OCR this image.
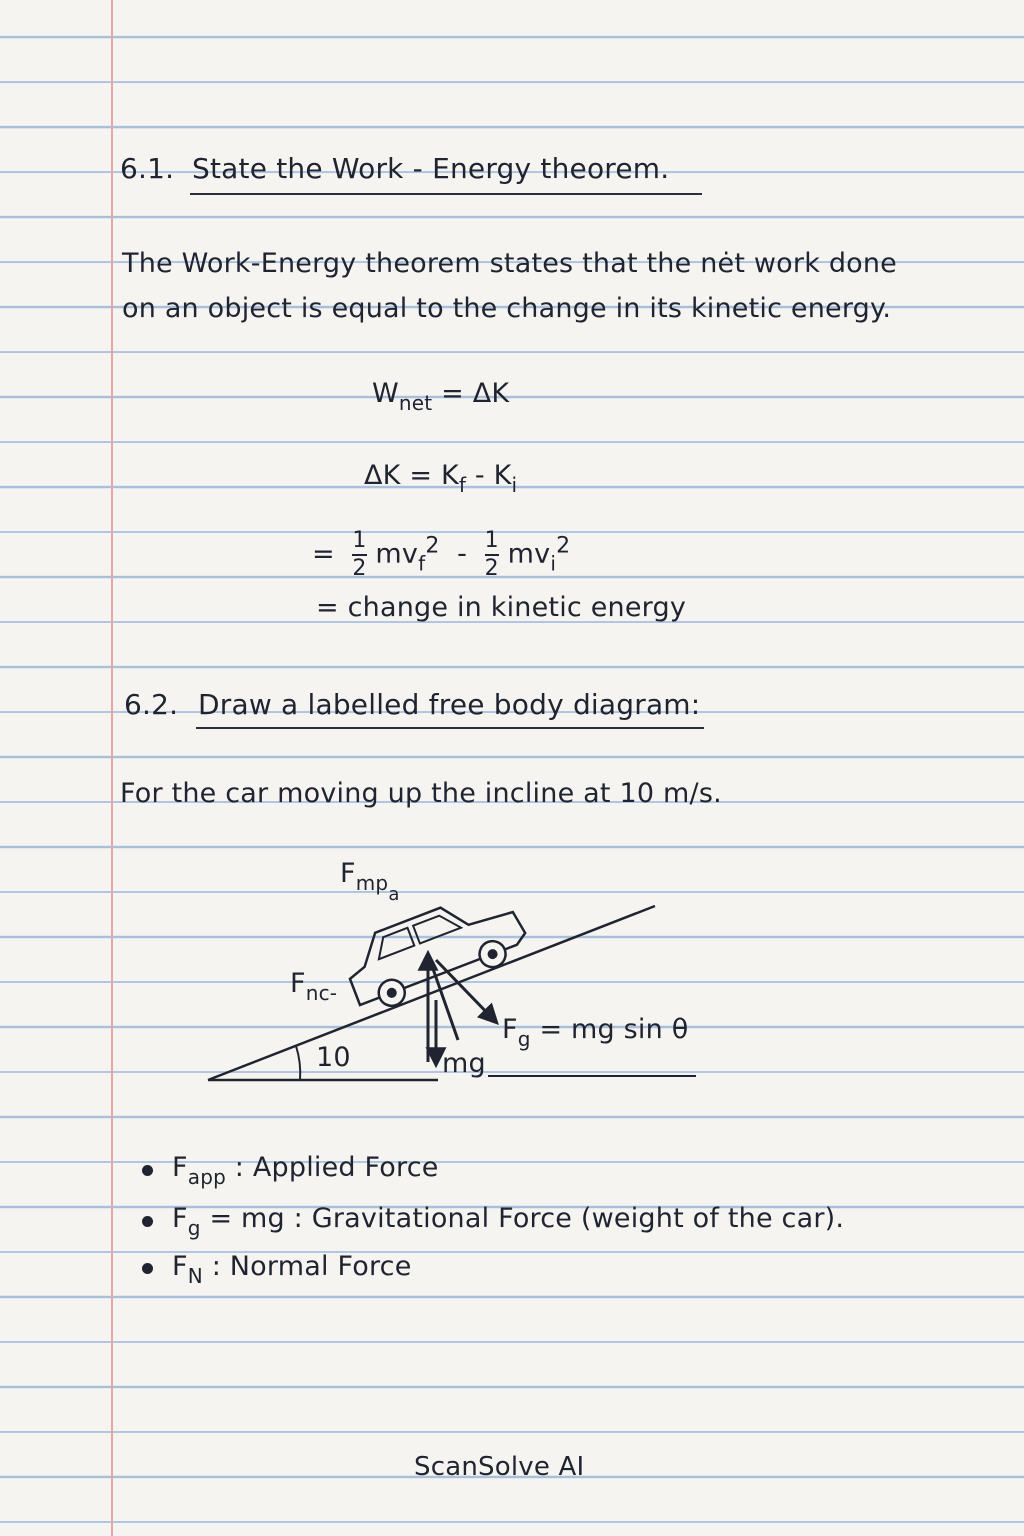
6.1. State the Work - Energy theorem.
The Work-Energy theorem states that the nėt work done
on an object is equal to the change in its kinetic energy.
$W_{net} = \Delta K$
$\Delta K = K_f - K_i$
= $\frac{1}{2} mv_f^2 - \frac{1}{2} mv_i^2$
= change in kinetic energy
6.2. Draw a labelled free body diagram:
For the car moving up the incline at 10 m/s.
$F_{mpa}$
$F_{nc-}$
10	mg
$F_g$ = mg sin θ
$F_{app}$ : Applied Force
$F_g$ = mg : Gravitational Force (weight of the car).
$F_N$ : Normal Force
ScanSolve AI
